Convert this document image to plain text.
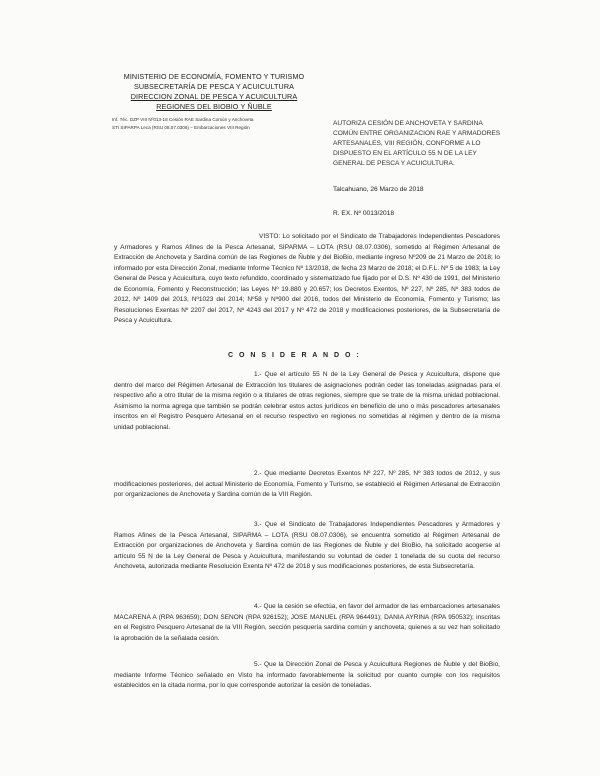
MINISTERIO DE ECONOMÍA, FOMENTO Y TURISMO
SUBSECRETARÍA DE PESCA Y ACUICULTURA
DIRECCION ZONAL DE PESCA Y ACUICULTURA
REGIONES DEL BIOBIO Y ÑUBLE
Inf. Téc. DZP VIII Nº013-18 Cesión RAE Sardina Común y Anchoveta
STI SIPARPA Leca (RSU 08.07.0306) – Embarcaciones VIII Región
AUTORIZA CESIÓN DE ANCHOVETA Y SARDINA COMÚN ENTRE ORGANIZACION RAE Y ARMADORES ARTESANALES, VIII REGIÓN, CONFORME A LO DISPUESTO EN EL ARTÍCULO 55 N DE LA LEY GENERAL DE PESCA Y ACUICULTURA.
Talcahuano, 26 Marzo de 2018
R. EX. Nº 0013/2018
VISTO: Lo solicitado por el Sindicato de Trabajadores Independientes Pescadores y Armadores y Ramos Afines de la Pesca Artesanal, SIPARMA – LOTA (RSU 08.07.0306), sometido al Régimen Artesanal de Extracción de Anchoveta y Sardina común de las Regiones de Ñuble y del BioBio, mediante ingreso Nº209 de 21 Marzo de 2018; lo informado por esta Dirección Zonal, mediante Informe Técnico Nº 13/2018, de fecha 23 Marzo de 2018; el D.F.L. Nº 5 de 1983; la Ley General de Pesca y Acuicultura, cuyo texto refundido, coordinado y sistematizado fue fijado por el D.S. Nº 430 de 1991, del Ministerio de Economía, Fomento y Reconstrucción; las Leyes Nº 19.880 y 20.657; los Decretos Exentos, Nº 227, Nº 285, Nº 383 todos de 2012, Nº 1409 del 2013, Nº1023 del 2014; Nº58 y Nº900 del 2016, todos del Ministerio de Economía, Fomento y Turismo; las Resoluciones Exentas Nº 2207 del 2017, Nº 4243 del 2017 y Nº 472 de 2018 y modificaciones posteriores, de la Subsecretaría de Pesca y Acuicultura.
C O N S I D E R A N D O :
1.- Que el artículo 55 N de la Ley General de Pesca y Acuicultura, dispone que dentro del marco del Régimen Artesanal de Extracción los titulares de asignaciones podrán ceder las toneladas asignadas para el respectivo año a otro titular de la misma región o a titulares de otras regiones, siempre que se trate de la misma unidad poblacional. Asimismo la norma agrega que también se podrán celebrar estos actos jurídicos en beneficio de uno o más pescadores artesanales inscritos en el Registro Pesquero Artesanal en el recurso respectivo en regiones no sometidas al régimen y dentro de la misma unidad poblacional.
2.- Que mediante Decretos Exentos Nº 227, Nº 285, Nº 383 todos de 2012, y sus modificaciones posteriores, del actual Ministerio de Economía, Fomento y Turismo, se estableció el Régimen Artesanal de Extracción por organizaciones de Anchoveta y Sardina común de la VIII Región.
3.- Que el Sindicato de Trabajadores Independientes Pescadores y Armadores y Ramos Afines de la Pesca Artesanal, SIPARMA – LOTA (RSU 08.07.0306), se encuentra sometido al Régimen Artesanal de Extracción por organizaciones de Anchoveta y Sardina común de las Regiones de Ñuble y del BioBio, ha solicitado acogerse al artículo 55 N de la Ley General de Pesca y Acuicultura, manifestando su voluntad de ceder 1 tonelada de su cuota del recurso Anchoveta, autorizada mediante Resolución Exenta Nº 472 de 2018 y sus modificaciones posteriores, de esta Subsecretaría.
4.- Que la cesión se efectúa, en favor del armador de las embarcaciones artesanales MACARENA A (RPA 963659); DON SENON (RPA 926152); JOSE MANUEL (RPA 964491); DANIA AYRINA (RPA 950532); inscritas en el Registro Pesquero Artesanal de la VIII Región, sección pesquería sardina común y anchoveta; quienes a su vez han solicitado la aprobación de la señalada cesión.
5.- Que la Dirección Zonal de Pesca y Acuicultura Regiones de Ñuble y del BioBio, mediante Informe Técnico señalado en Visto ha informado favorablemente la solicitud por cuanto cumple con los requisitos establecidos en la citada norma, por lo que corresponde autorizar la cesión de toneladas.
